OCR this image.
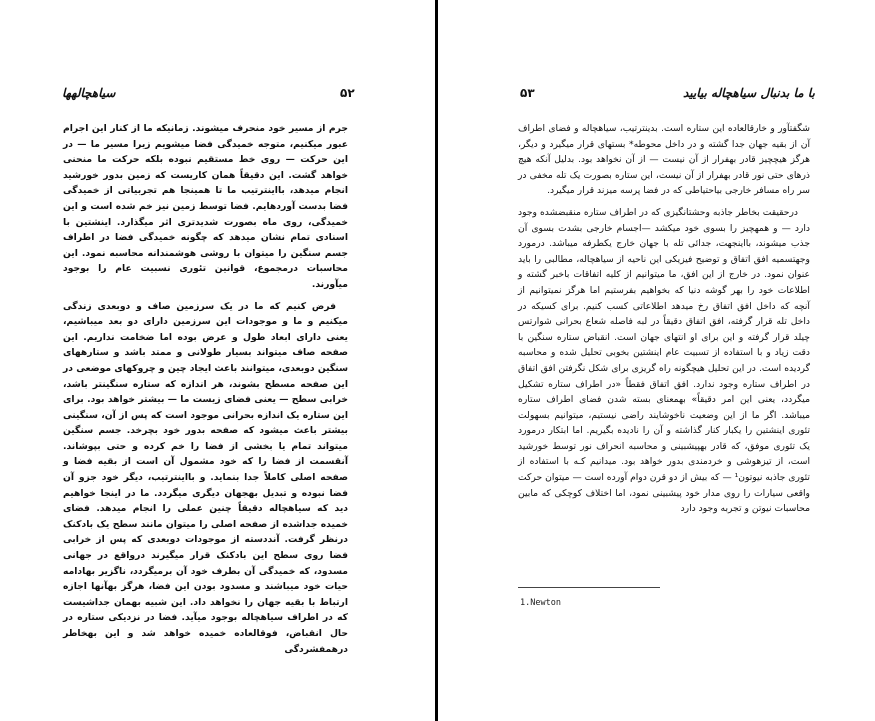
سیاهچالهها	۵۲

جرم از مسیر خود منحرف میشوند. زمانیکه ما از کنار این اجرام عبور میکنیم، متوجه خمیدگی فضا میشویم زیرا مسیر ما — در این حرکت — روی خط مستقیم نبوده بلکه حرکت ما منحنی خواهد گشت. این دقیقاً همان کاریست که زمین بدور خورشید انجام میدهد، بااینترتیب ما تا همینجا هم تجربیاتی از خمیدگی فضا بدست آوردهایم. فضا توسط زمین نیز خم شده است و این خمیدگی، روی ماه بصورت شدیدتری اثر میگذارد. اینشتین با اسنادی تمام نشان میدهد که چگونه خمیدگی فضا در اطراف جسم سنگین را میتوان با روشی هوشمندانه محاسبه نمود. این محاسبات درمجموع، قوانین تئوری نسبیت عام را بوجود میآورند.

فرض کنیم که ما در یک سرزمین صاف و دوبعدی زندگی میکنیم و ما و موجودات این سرزمین دارای دو بعد میباشیم، یعنی دارای ابعاد طول و عرض بوده اما ضخامت نداریم. این صفحه صاف میتواند بسیار طولانی و ممتد باشد و ستارههای سنگین دوبعدی، میتوانند باعث ایجاد چین و چروکهای موضعی در این صفحه مسطح بشوند، هر اندازه که ستاره سنگینتر باشد، خرابی سطح — یعنی فضای زیست ما — بیشتر خواهد بود. برای این ستاره یک اندازه بحرانی موجود است که پس از آن، سنگینی بیشتر باعث میشود که صفحه بدور خود بچرخد. جسم سنگین میتواند تمام یا بخشی از فضا را خم کرده و حتی بپوشاند. آنقسمت از فضا را که خود مشمول آن است از بقیه فضا و صفحه اصلی کاملاً جدا بنماید. و بااینترتیب، دیگر خود جزو آن فضا نبوده و تبدیل بهجهان دیگری میگردد. ما در اینجا خواهیم دید که سیاهچاله دقیقاً چنین عملی را انجام میدهد. فضای خمیده جداشده از صفحه اصلی را میتوان مانند سطح یک بادکنک درنظر گرفت. آنددسته از موجودات دوبعدی که پس از خرابی فضا روی سطح این بادکنک قرار میگیرند درواقع در جهانی مسدود، که خمیدگی آن بطرف خود آن برمیگردد، ناگزیر بهادامه حیات خود میباشند و مسدود بودن این فضا، هرگز بهآنها اجازه ارتباط با بقیه جهان را نخواهد داد. این شبیه بهمان جداشیست که در اطراف سیاهچاله بوجود میآید. فضا در نزدیکی ستاره در حال انقباض، فوقالعاده خمیده خواهد شد و این بهخاطر درهمفشردگی

با ما بدنبال سیاهچاله بیایید
۵۳

شگفتآور و خارقالعاده این ستاره است. بدینترتیب، سیاهچاله و فضای اطراف آن از بقیه جهان جدا گشته و در داخل محوطه* بستهای قرار میگیرد و دیگر، هرگز هیچچیز قادر بهفرار از آن نیست — از آن نخواهد بود. بدلیل آنکه هیچ ذرهای حتی نور قادر بهفرار از آن نیست، این ستاره بصورت یک تله مخفی در سر راه مسافر خارجی بیاحتیاطی که در فضا پرسه میزند قرار میگیرد.

درحقیقت بخاطر جاذبه وحشتانگیزی که در اطراف ستاره منقبضشده وجود دارد — و همهچیز را بسوی خود میکشد —اجسام خارجی بشدت بسوی آن جذب میشوند، بااینجهت، جدائی تله با جهان خارج یکطرفه میباشد. درمورد وجهتسمیه افق اتفاق و توضیح فیزیکی این ناحیه از سیاهچاله، مطالبی را باید عنوان نمود. در خارج از این افق، ما میتوانیم از کلیه اتفاقات باخبر گشته و اطلاعات خود را بهر گوشه دنیا که بخواهیم بفرستیم اما هرگز نمیتوانیم از آنچه که داخل افق اتفاق رخ میدهد اطلاعاتی کسب کنیم. برای کسیکه در داخل تله قرار گرفته، افق اتفاق دقیقاً در لبه فاصله شعاع بحرانی شوارتس چیلد قرار گرفته و این برای او انتهای جهان است. انقباض ستاره سنگین با دقت زیاد و با استفاده از تسبیت عام اینشتین بخوبی تحلیل شده و محاسبه گردیده است. در این تحلیل هیچگونه راه گریزی برای شکل نگرفتن افق اتفاق در اطراف ستاره وجود ندارد. افق اتفاق فقطاً «در اطراف ستاره تشکیل میگردد، یعنی این امر دقیقاً» بهمعنای بسته شدن فضای اطراف ستاره میباشد. اگر ما از این وضعیت ناخوشایند راضی نیستیم، میتوانیم بسهولت تئوری اینشتین را یکبار کنار گذاشته و آن را نادیده بگیریم. اما ابتکار درمورد یک تئوری موفق، که قادر بهپیشبینی و محاسبه انحراف نور توسط خورشید است، از تیزهوشی و خردمندی بدور خواهد بود. میدانیم کـه با استفاده از تئوری جاذبه نیوتون¹ — که بیش از دو قرن دوام آورده است — میتوان حرکت واقعی سیارات را روی مدار خود پیشبینی نمود، اما اختلاف کوچکی که مابین محاسبات نیوتن و تجربه وجود دارد

1.Newton
